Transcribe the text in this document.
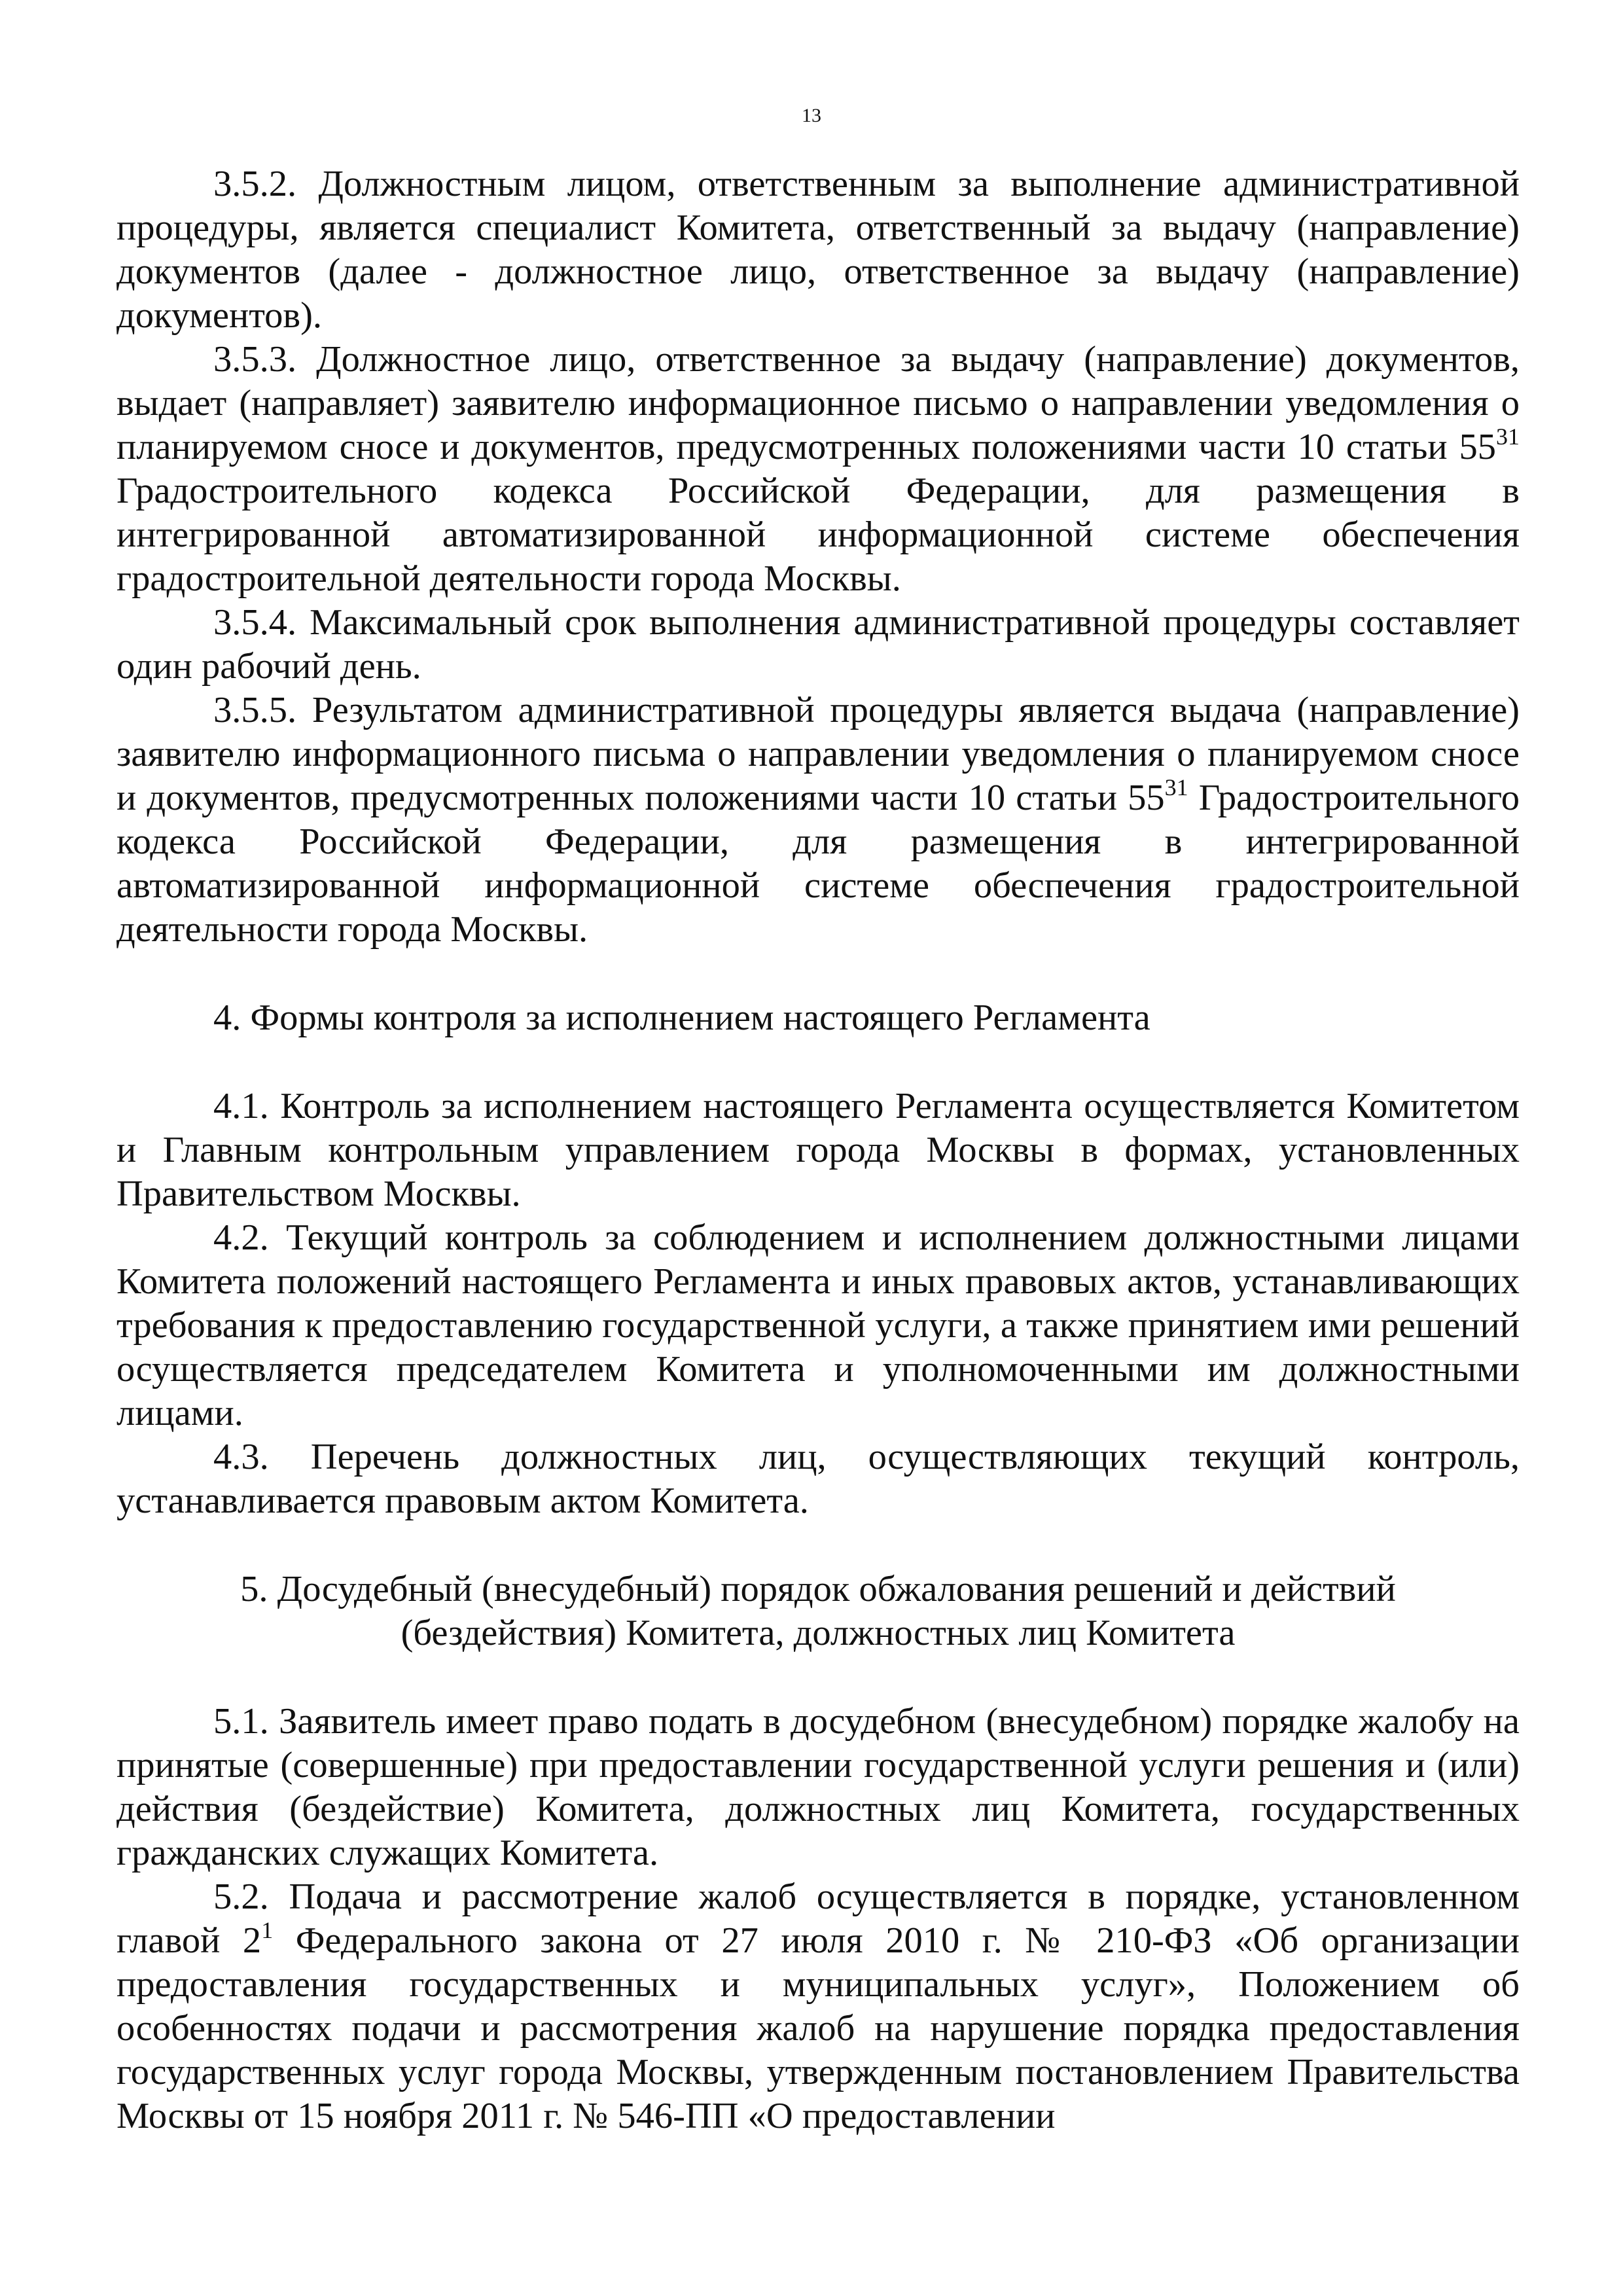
13

3.5.2. Должностным лицом, ответственным за выполнение административной процедуры, является специалист Комитета, ответственный за выдачу (направление) документов (далее - должностное лицо, ответственное за выдачу (направление) документов).

3.5.3. Должностное лицо, ответственное за выдачу (направление) документов, выдает (направляет) заявителю информационное письмо о направлении уведомления о планируемом сносе и документов, предусмотренных положениями части 10 статьи $55^{31}$ Градостроительного кодекса Российской Федерации, для размещения в интегрированной автоматизированной информационной системе обеспечения градостроительной деятельности города Москвы.

3.5.4. Максимальный срок выполнения административной процедуры составляет один рабочий день.

3.5.5. Результатом административной процедуры является выдача (направление) заявителю информационного письма о направлении уведомления о планируемом сносе и документов, предусмотренных положениями части 10 статьи $55^{31}$ Градостроительного кодекса Российской Федерации, для размещения в интегрированной автоматизированной информационной системе обеспечения градостроительной деятельности города Москвы.

4. Формы контроля за исполнением настоящего Регламента

4.1. Контроль за исполнением настоящего Регламента осуществляется Комитетом и Главным контрольным управлением города Москвы в формах, установленных Правительством Москвы.

4.2. Текущий контроль за соблюдением и исполнением должностными лицами Комитета положений настоящего Регламента и иных правовых актов, устанавливающих требования к предоставлению государственной услуги, а также принятием ими решений осуществляется председателем Комитета и уполномоченными им должностными лицами.

4.3. Перечень должностных лиц, осуществляющих текущий контроль, устанавливается правовым актом Комитета.

5. Досудебный (внесудебный) порядок обжалования решений и действий
(бездействия) Комитета, должностных лиц Комитета

5.1. Заявитель имеет право подать в досудебном (внесудебном) порядке жалобу на принятые (совершенные) при предоставлении государственной услуги решения и (или) действия (бездействие) Комитета, должностных лиц Комитета, государственных гражданских служащих Комитета.

5.2. Подача и рассмотрение жалоб осуществляется в порядке, установленном главой $2^1$ Федерального закона от 27 июля 2010 г. № 210-ФЗ «Об организации предоставления государственных и муниципальных услуг», Положением об особенностях подачи и рассмотрения жалоб на нарушение порядка предоставления государственных услуг города Москвы, утвержденным постановлением Правительства Москвы от 15 ноября 2011 г. № 546-ПП «О предоставлении
